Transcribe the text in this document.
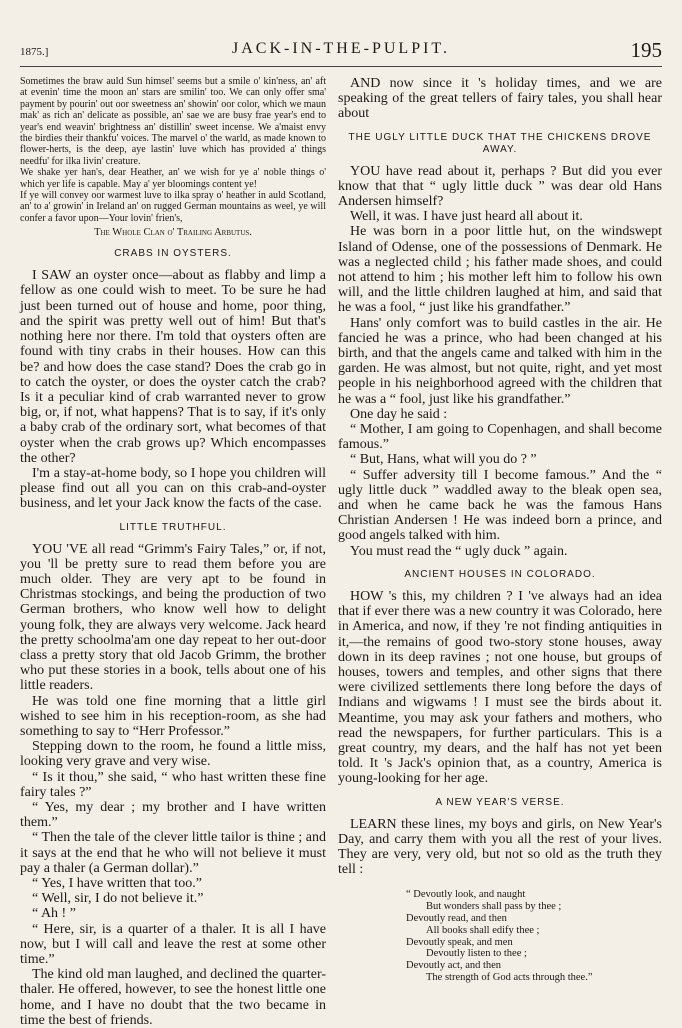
1875.]	JACK-IN-THE-PULPIT.	195

Sometimes the braw auld Sun himsel' seems but a smile o' kin'ness, an' aft at evenin' time the moon an' stars are smilin' too. We can only offer sma' payment by pourin' out oor sweetness an' showin' oor color, which we maun mak' as rich an' delicate as possible, an' sae we are busy frae year's end to year's end weavin' brightness an' distillin' sweet incense. We a'maist envy the birdies their thankfu' voices. The marvel o' the warld, as made known to flower-herts, is the deep, aye lastin' luve which has provided a' things needfu' for ilka livin' creature.

We shake yer han's, dear Heather, an' we wish for ye a' noble things o' which yer life is capable. May a' yer bloomings content ye!

If ye will convey oor warmest luve to ilka spray o' heather in auld Scotland, an' to a' growin' in Ireland an' on rugged German mountains as weel, ye will confer a favor upon—Your lovin' frien's,

The Whole Clan o' Trailing Arbutus.
CRABS IN OYSTERS.

I SAW an oyster once—about as flabby and limp a fellow as one could wish to meet. To be sure he had just been turned out of house and home, poor thing, and the spirit was pretty well out of him! But that's nothing here nor there. I'm told that oysters often are found with tiny crabs in their houses. How can this be? and how does the case stand? Does the crab go in to catch the oyster, or does the oyster catch the crab? Is it a peculiar kind of crab warranted never to grow big, or, if not, what happens? That is to say, if it's only a baby crab of the ordinary sort, what becomes of that oyster when the crab grows up? Which encompasses the other?

I'm a stay-at-home body, so I hope you children will please find out all you can on this crab-and-oyster business, and let your Jack know the facts of the case.

LITTLE TRUTHFUL.

YOU 'VE all read “Grimm's Fairy Tales,” or, if not, you 'll be pretty sure to read them before you are much older. They are very apt to be found in Christmas stockings, and being the production of two German brothers, who know well how to delight young folk, they are always very welcome. Jack heard the pretty schoolma'am one day repeat to her out-door class a pretty story that old Jacob Grimm, the brother who put these stories in a book, tells about one of his little readers.

He was told one fine morning that a little girl wished to see him in his reception-room, as she had something to say to “Herr Professor.”

Stepping down to the room, he found a little miss, looking very grave and very wise.

“ Is it thou,” she said, “ who hast written these fine fairy tales ?”

“ Yes, my dear ; my brother and I have written them.”

“ Then the tale of the clever little tailor is thine ; and it says at the end that he who will not believe it must pay a thaler (a German dollar).”

“ Yes, I have written that too.”

“ Well, sir, I do not believe it.”

“ Ah ! ”

“ Here, sir, is a quarter of a thaler. It is all I have now, but I will call and leave the rest at some other time.”

The kind old man laughed, and declined the quarter-thaler. He offered, however, to see the honest little one home, and I have no doubt that the two became in time the best of friends.

AND now since it 's holiday times, and we are speaking of the great tellers of fairy tales, you shall hear about

THE UGLY LITTLE DUCK THAT THE CHICKENS DROVE AWAY.

YOU have read about it, perhaps ? But did you ever know that that “ ugly little duck ” was dear old Hans Andersen himself?

Well, it was. I have just heard all about it.

He was born in a poor little hut, on the windswept Island of Odense, one of the possessions of Denmark. He was a neglected child ; his father made shoes, and could not attend to him ; his mother left him to follow his own will, and the little children laughed at him, and said that he was a fool, “ just like his grandfather.”

Hans' only comfort was to build castles in the air. He fancied he was a prince, who had been changed at his birth, and that the angels came and talked with him in the garden. He was almost, but not quite, right, and yet most people in his neighborhood agreed with the children that he was a “ fool, just like his grandfather.”

One day he said :

“ Mother, I am going to Copenhagen, and shall become famous.”

“ But, Hans, what will you do ? ”

“ Suffer adversity till I become famous.” And the “ ugly little duck ” waddled away to the bleak open sea, and when he came back he was the famous Hans Christian Andersen ! He was indeed born a prince, and good angels talked with him.

You must read the “ ugly duck ” again.

ANCIENT HOUSES IN COLORADO.

HOW 's this, my children ? I 've always had an idea that if ever there was a new country it was Colorado, here in America, and now, if they 're not finding antiquities in it,—the remains of good two-story stone houses, away down in its deep ravines ; not one house, but groups of houses, towers and temples, and other signs that there were civilized settlements there long before the days of Indians and wigwams ! I must see the birds about it. Meantime, you may ask your fathers and mothers, who read the newspapers, for further particulars. This is a great country, my dears, and the half has not yet been told. It 's Jack's opinion that, as a country, America is young-looking for her age.

A NEW YEAR'S VERSE.

LEARN these lines, my boys and girls, on New Year's Day, and carry them with you all the rest of your lives. They are very, very old, but not so old as the truth they tell :

“ Devoutly look, and naught
But wonders shall pass by thee ;
Devoutly read, and then
All books shall edify thee ;
Devoutly speak, and men
Devoutly listen to thee ;
Devoutly act, and then
The strength of God acts through thee.”
